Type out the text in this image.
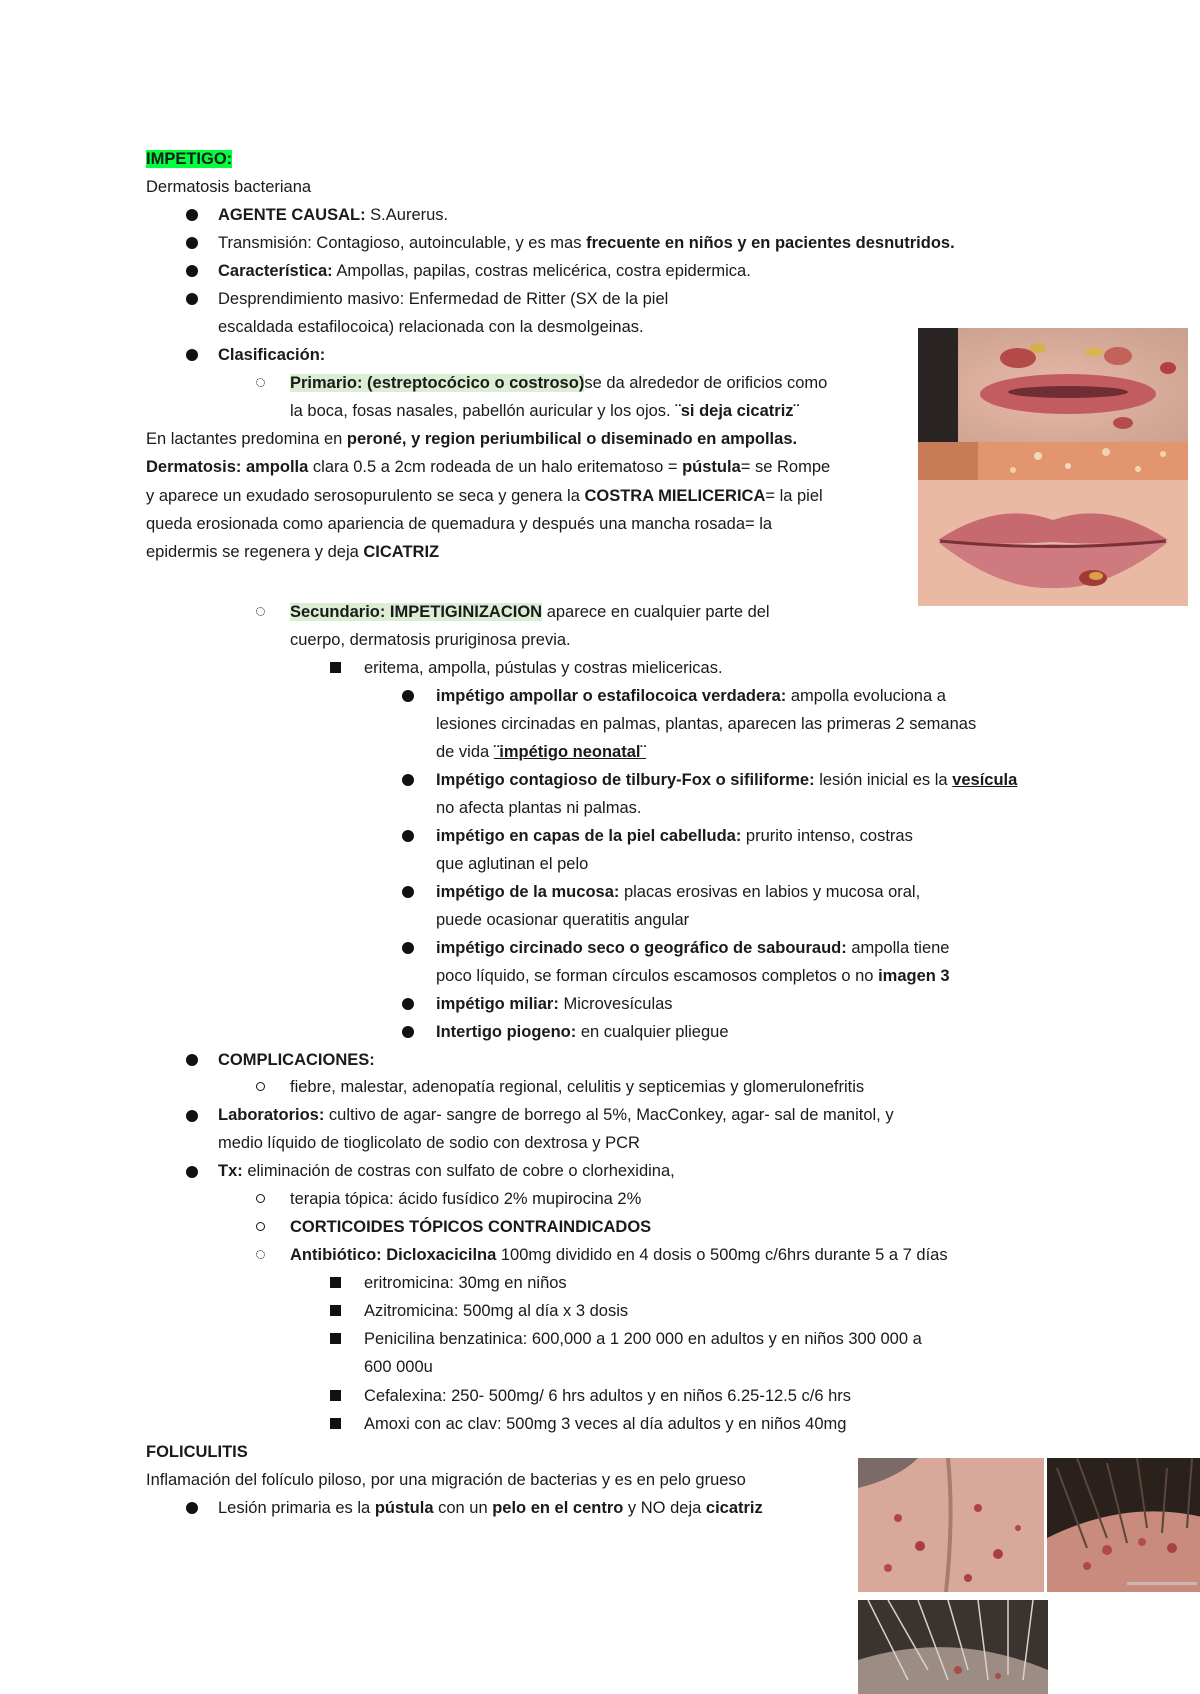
IMPETIGO:
Dermatosis bacteriana
AGENTE CAUSAL: S.Aurerus.
Transmisión: Contagioso, autoinculable, y es mas frecuente en niños y en pacientes desnutridos.
Característica: Ampollas, papilas, costras melicérica, costra epidermica.
Desprendimiento masivo: Enfermedad de Ritter (SX de la piel
escaldada estafilocoica) relacionada con la desmolgeinas.
Clasificación:
Primario: (estreptocócico o costroso)se da alrededor de orificios como
la boca, fosas nasales, pabellón auricular y los ojos. ¨si deja cicatriz¨
En lactantes predomina en peroné, y region periumbilical o diseminado en ampollas.
Dermatosis: ampolla clara 0.5 a 2cm rodeada de un halo eritematoso = pústula= se Rompe
y aparece un exudado serosopurulento se seca y genera la COSTRA MIELICERICA= la piel
queda erosionada como apariencia de quemadura y después una mancha rosada= la
epidermis se regenera y deja CICATRIZ
Secundario: IMPETIGINIZACION aparece en cualquier parte del
cuerpo, dermatosis pruriginosa previa.
eritema, ampolla, pústulas y costras mielicericas.
impétigo ampollar o estafilocoica verdadera: ampolla evoluciona a
lesiones circinadas en palmas, plantas, aparecen las primeras 2 semanas
de vida ¨impétigo neonatal¨
Impétigo contagioso de tilbury-Fox o sifiliforme: lesión inicial es la vesícula
no afecta plantas ni palmas.
impétigo en capas de la piel cabelluda: prurito intenso, costras
que aglutinan el pelo
impétigo de la mucosa: placas erosivas en labios y mucosa oral,
puede ocasionar queratitis angular
impétigo circinado seco o geográfico de sabouraud: ampolla tiene
poco líquido, se forman círculos escamosos completos o no imagen 3
impétigo miliar: Microvesículas
Intertigo piogeno: en cualquier pliegue
COMPLICACIONES:
fiebre, malestar, adenopatía regional, celulitis y septicemias y glomerulonefritis
Laboratorios: cultivo de agar- sangre de borrego al 5%, MacConkey, agar- sal de manitol, y
medio líquido de tioglicolato de sodio con dextrosa y PCR
Tx: eliminación de costras con sulfato de cobre o clorhexidina,
terapia tópica: ácido fusídico 2% mupirocina 2%
CORTICOIDES TÓPICOS CONTRAINDICADOS
Antibiótico: Dicloxacicilna 100mg dividido en 4 dosis o 500mg c/6hrs durante 5 a 7 días
eritromicina: 30mg en niños
Azitromicina: 500mg al día x 3 dosis
Penicilina benzatinica: 600,000 a 1 200 000 en adultos y en niños 300 000 a
600 000u
Cefalexina: 250- 500mg/ 6 hrs adultos y en niños 6.25-12.5 c/6 hrs
Amoxi con ac clav: 500mg 3 veces al día adultos y en niños 40mg
FOLICULITIS
Inflamación del folículo piloso, por una migración de bacterias y es en pelo grueso
Lesión primaria es la pústula con un pelo en el centro y NO deja cicatriz
